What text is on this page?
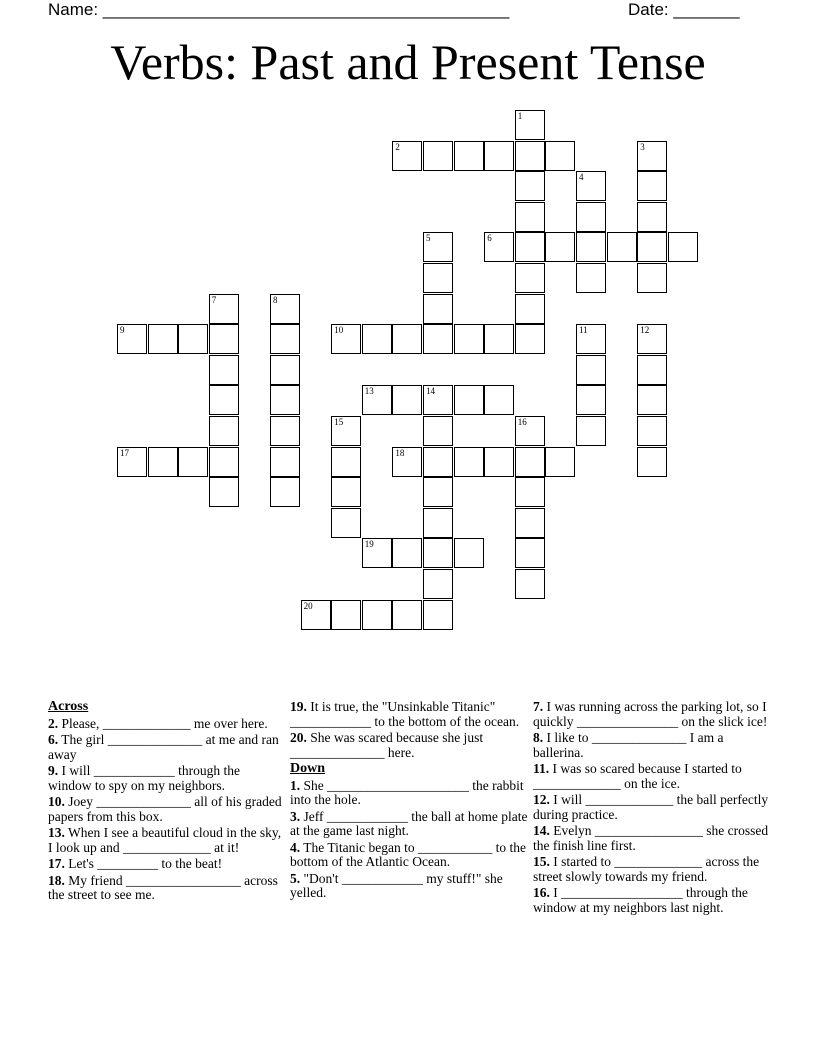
Name: ___________________________________________	Date: _______
Verbs: Past and Present Tense
1
2	3
4
5	6
7	8
9	10	11	12
13	14
15	16
17	18
19
20
Across
2. Please, _____________ me over here.
6. The girl ______________ at me and ran away
9. I will ____________ through the window to spy on my neighbors.
10. Joey ______________ all of his graded papers from this box.
13. When I see a beautiful cloud in the sky, I look up and _____________ at it!
17. Let's _________ to the beat!
18. My friend _________________ across the street to see me.
19. It is true, the "Unsinkable Titanic" ____________ to the bottom of the ocean.
20. She was scared because she just ______________ here.
Down
1. She _____________________ the rabbit into the hole.
3. Jeff ____________ the ball at home plate at the game last night.
4. The Titanic began to ___________ to the bottom of the Atlantic Ocean.
5. "Don't ____________ my stuff!" she yelled.
7. I was running across the parking lot, so I quickly _______________ on the slick ice!
8. I like to ______________ I am a ballerina.
11. I was so scared because I started to _____________ on the ice.
12. I will _____________ the ball perfectly during practice.
14. Evelyn ________________ she crossed the finish line first.
15. I started to _____________ across the street slowly towards my friend.
16. I __________________ through the window at my neighbors last night.
